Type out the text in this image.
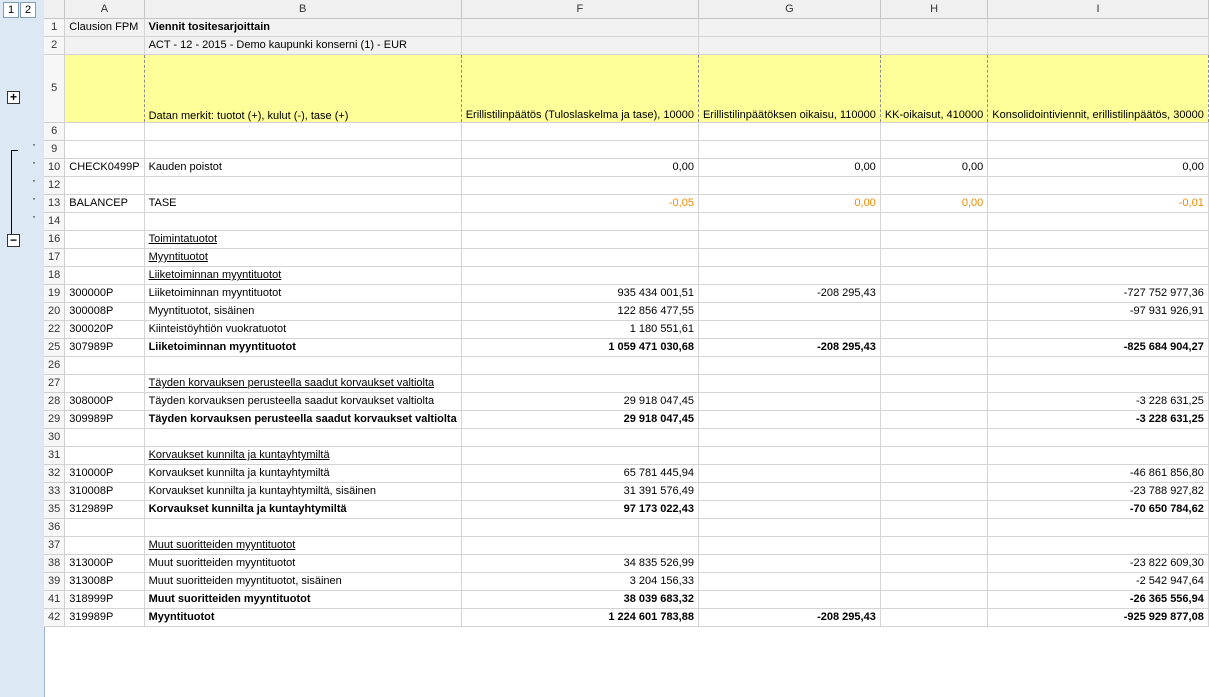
1 2
+
·
·
·
·
·
−
	A	B	F	G	H	I
1	Clausion FPM	Viennit tositesarjoittain				
2		ACT - 12 - 2015 - Demo kaupunki konserni (1) - EUR				
5		Datan merkit: tuotot (+), kulut (-), tase (+)	Erillistilinpäätös (Tuloslaskelma ja tase), 10000	Erillistilinpäätöksen oikaisu, 110000	KK-oikaisut, 410000	Konsolidointiviennit, erillistilinpäätös, 30000
6						
9						
10	CHECK0499P	Kauden poistot	0,00	0,00	0,00	0,00
12						
13	BALANCEP	TASE	-0,05	0,00	0,00	-0,01
14						
16		Toimintatuotot				
17		Myyntituotot				
18		Liiketoiminnan myyntituotot				
19	300000P	Liiketoiminnan myyntituotot	935 434 001,51	-208 295,43		-727 752 977,36
20	300008P	Myyntituotot, sisäinen	122 856 477,55			-97 931 926,91
22	300020P	Kiinteistöyhtiön vuokratuotot	1 180 551,61			
25	307989P	Liiketoiminnan myyntituotot	1 059 471 030,68	-208 295,43		-825 684 904,27
26						
27		Täyden korvauksen perusteella saadut korvaukset valtiolta				
28	308000P	Täyden korvauksen perusteella saadut korvaukset valtiolta	29 918 047,45			-3 228 631,25
29	309989P	Täyden korvauksen perusteella saadut korvaukset valtiolta	29 918 047,45			-3 228 631,25
30						
31		Korvaukset kunnilta ja kuntayhtymiltä				
32	310000P	Korvaukset kunnilta ja kuntayhtymiltä	65 781 445,94			-46 861 856,80
33	310008P	Korvaukset kunnilta ja kuntayhtymiltä, sisäinen	31 391 576,49			-23 788 927,82
35	312989P	Korvaukset kunnilta ja kuntayhtymiltä	97 173 022,43			-70 650 784,62
36						
37		Muut suoritteiden myyntituotot				
38	313000P	Muut suoritteiden myyntituotot	34 835 526,99			-23 822 609,30
39	313008P	Muut suoritteiden myyntituotot, sisäinen	3 204 156,33			-2 542 947,64
41	318999P	Muut suoritteiden myyntituotot	38 039 683,32			-26 365 556,94
42	319989P	Myyntituotot	1 224 601 783,88	-208 295,43		-925 929 877,08
